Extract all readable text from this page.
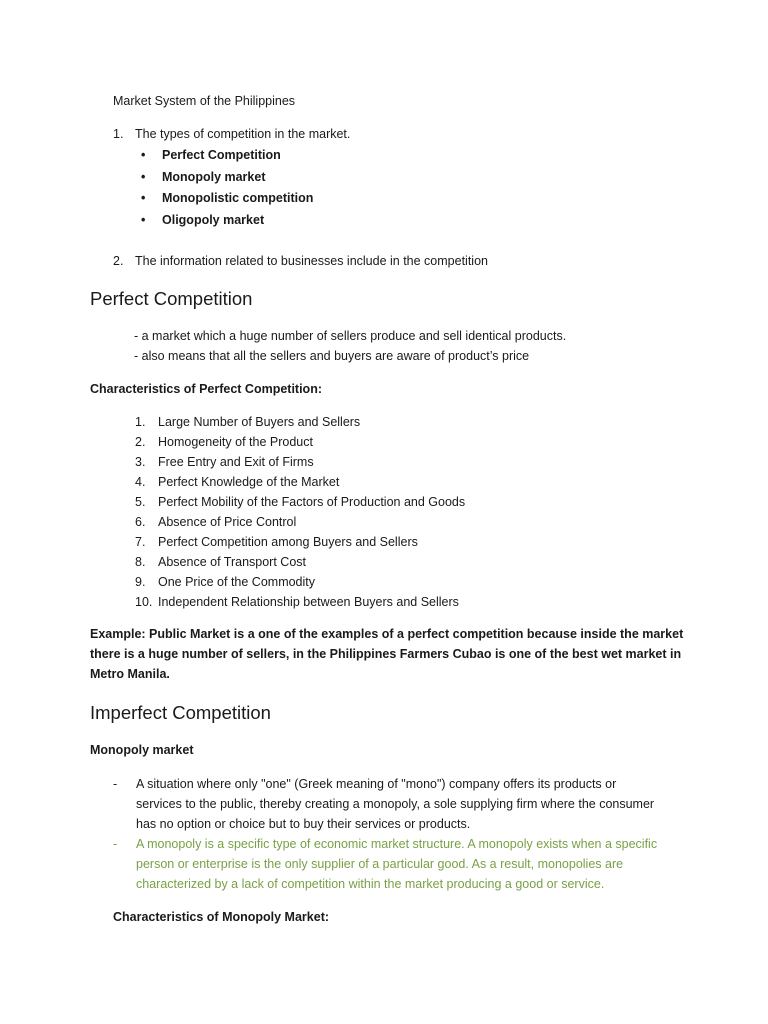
Market System of the Philippines
1. The types of competition in the market.
• Perfect Competition
• Monopoly market
• Monopolistic competition
• Oligopoly market
2. The information related to businesses include in the competition
Perfect Competition
- a market which a huge number of sellers produce and sell identical products.
- also means that all the sellers and buyers are aware of product’s price
Characteristics of Perfect Competition:
1. Large Number of Buyers and Sellers
2. Homogeneity of the Product
3. Free Entry and Exit of Firms
4. Perfect Knowledge of the Market
5. Perfect Mobility of the Factors of Production and Goods
6. Absence of Price Control
7. Perfect Competition among Buyers and Sellers
8. Absence of Transport Cost
9. One Price of the Commodity
10. Independent Relationship between Buyers and Sellers
Example: Public Market is a one of the examples of a perfect competition because inside the market
there is a huge number of sellers, in the Philippines Farmers Cubao is one of the best wet market in
Metro Manila.
Imperfect Competition
Monopoly market
- A situation where only "one" (Greek meaning of "mono") company offers its products or
services to the public, thereby creating a monopoly, a sole supplying firm where the consumer
has no option or choice but to buy their services or products.
- A monopoly is a specific type of economic market structure. A monopoly exists when a specific
person or enterprise is the only supplier of a particular good. As a result, monopolies are
characterized by a lack of competition within the market producing a good or service.
Characteristics of Monopoly Market:
